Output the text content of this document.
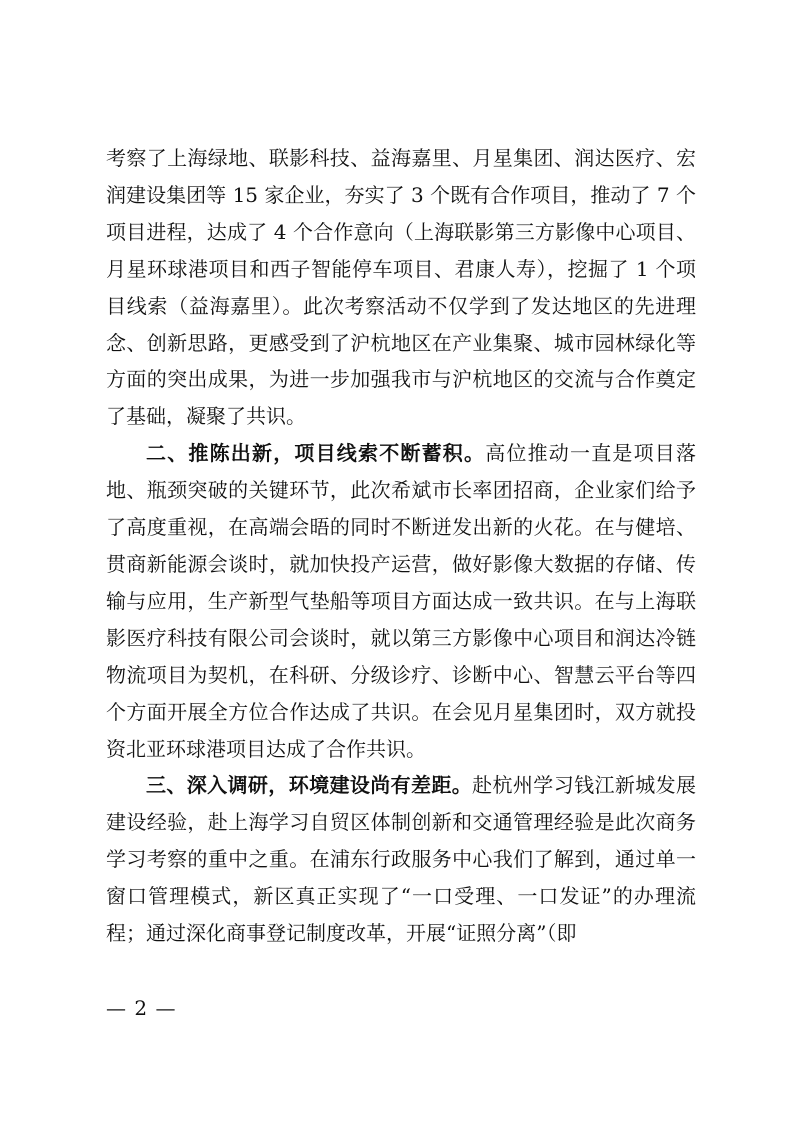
考察了上海绿地、联影科技、益海嘉里、月星集团、润达医疗、宏润建设集团等 15 家企业，夯实了 3 个既有合作项目，推动了 7 个项目进程，达成了 4 个合作意向（上海联影第三方影像中心项目、月星环球港项目和西子智能停车项目、君康人寿），挖掘了 1 个项目线索（益海嘉里）。此次考察活动不仅学到了发达地区的先进理念、创新思路，更感受到了沪杭地区在产业集聚、城市园林绿化等方面的突出成果，为进一步加强我市与沪杭地区的交流与合作奠定了基础，凝聚了共识。

二、推陈出新，项目线索不断蓄积。高位推动一直是项目落地、瓶颈突破的关键环节，此次希斌市长率团招商，企业家们给予了高度重视，在高端会晤的同时不断迸发出新的火花。在与健培、贯商新能源会谈时，就加快投产运营，做好影像大数据的存储、传输与应用，生产新型气垫船等项目方面达成一致共识。在与上海联影医疗科技有限公司会谈时，就以第三方影像中心项目和润达冷链物流项目为契机，在科研、分级诊疗、诊断中心、智慧云平台等四个方面开展全方位合作达成了共识。在会见月星集团时，双方就投资北亚环球港项目达成了合作共识。

三、深入调研，环境建设尚有差距。赴杭州学习钱江新城发展建设经验，赴上海学习自贸区体制创新和交通管理经验是此次商务学习考察的重中之重。在浦东行政服务中心我们了解到，通过单一窗口管理模式，新区真正实现了“一口受理、一口发证”的办理流程；通过深化商事登记制度改革，开展“证照分离”（即

— 2 —
